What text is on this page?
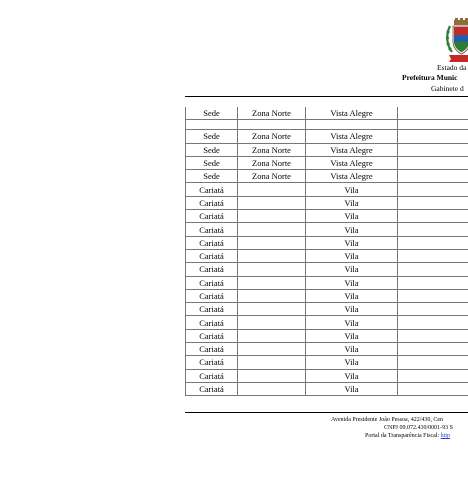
Estado da
Prefeitura Munic
Gabinete d
Sede	Zona Norte	Vista Alegre	

Sede	Zona Norte	Vista Alegre	
Sede	Zona Norte	Vista Alegre	
Sede	Zona Norte	Vista Alegre	
Sede	Zona Norte	Vista Alegre	
Cariatá		Vila	
Cariatá		Vila	
Cariatá		Vila	
Cariatá		Vila	
Cariatá		Vila	
Cariatá		Vila	
Cariatá		Vila	
Cariatá		Vila	
Cariatá		Vila	
Cariatá		Vila	
Cariatá		Vila	
Cariatá		Vila	
Cariatá		Vila	
Cariatá		Vila	
Cariatá		Vila	
Cariatá		Vila	
Avenida Presidente João Pessoa, 422/430, Cen
CNPJ 09.072.430/0001-93 S
Portal da Transparência Fiscal: http
